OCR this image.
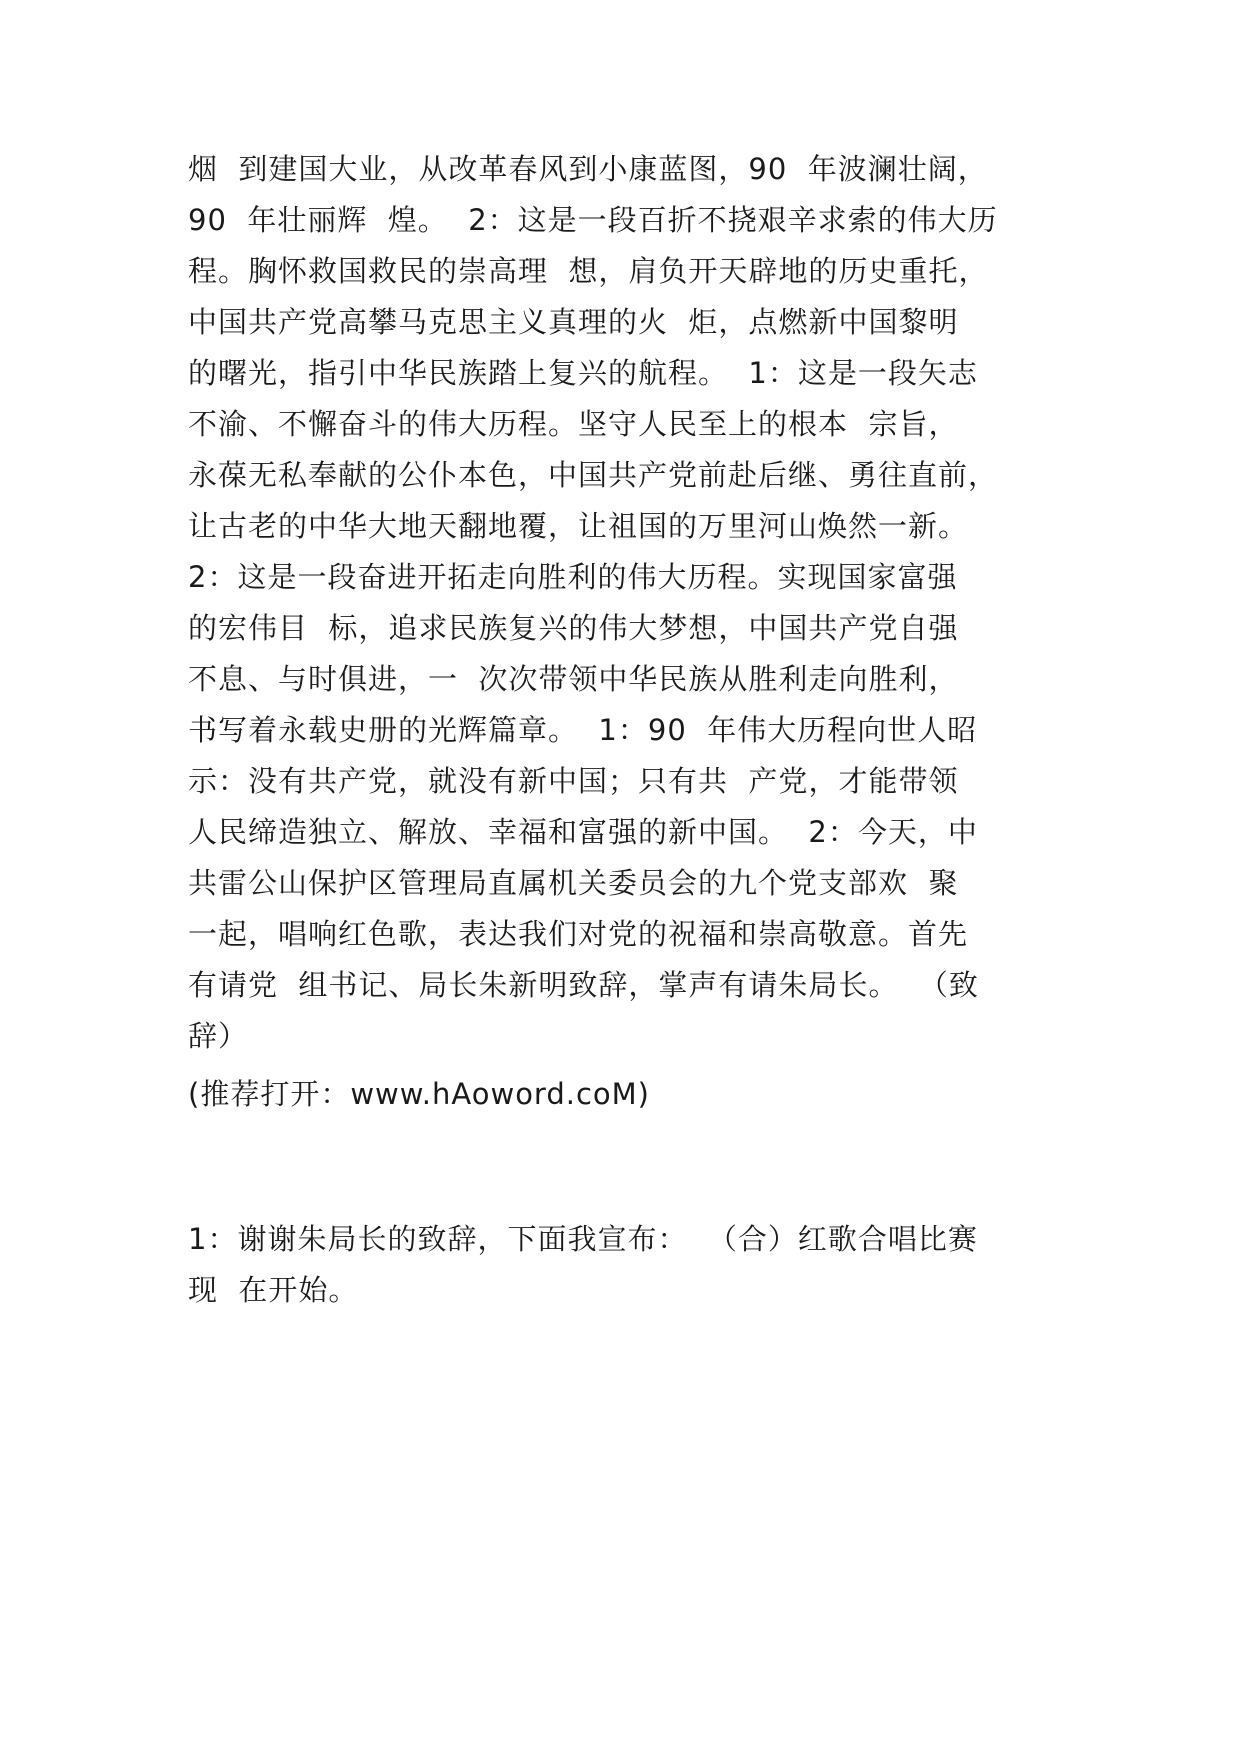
烟  到建国大业，从改革春风到小康蓝图，90  年波澜壮阔，
90  年壮丽辉  煌。  2：这是一段百折不挠艰辛求索的伟大历
程。胸怀救国救民的崇高理  想，肩负开天辟地的历史重托，
中国共产党高攀马克思主义真理的火  炬，点燃新中国黎明
的曙光，指引中华民族踏上复兴的航程。  1：这是一段矢志
不渝、不懈奋斗的伟大历程。坚守人民至上的根本  宗旨，
永葆无私奉献的公仆本色，中国共产党前赴后继、勇往直前，
让古老的中华大地天翻地覆，让祖国的万里河山焕然一新。
2：这是一段奋进开拓走向胜利的伟大历程。实现国家富强
的宏伟目  标，追求民族复兴的伟大梦想，中国共产党自强
不息、与时俱进，一  次次带领中华民族从胜利走向胜利，
书写着永载史册的光辉篇章。  1：90  年伟大历程向世人昭
示：没有共产党，就没有新中国；只有共  产党，才能带领
人民缔造独立、解放、幸福和富强的新中国。  2：今天，中
共雷公山保护区管理局直属机关委员会的九个党支部欢  聚
一起，唱响红色歌，表达我们对党的祝福和崇高敬意。首先
有请党  组书记、局长朱新明致辞，掌声有请朱局长。  （致
辞）
(推荐打开：www.hAoword.coM)
1：谢谢朱局长的致辞，下面我宣布：  （合）红歌合唱比赛
现  在开始。
